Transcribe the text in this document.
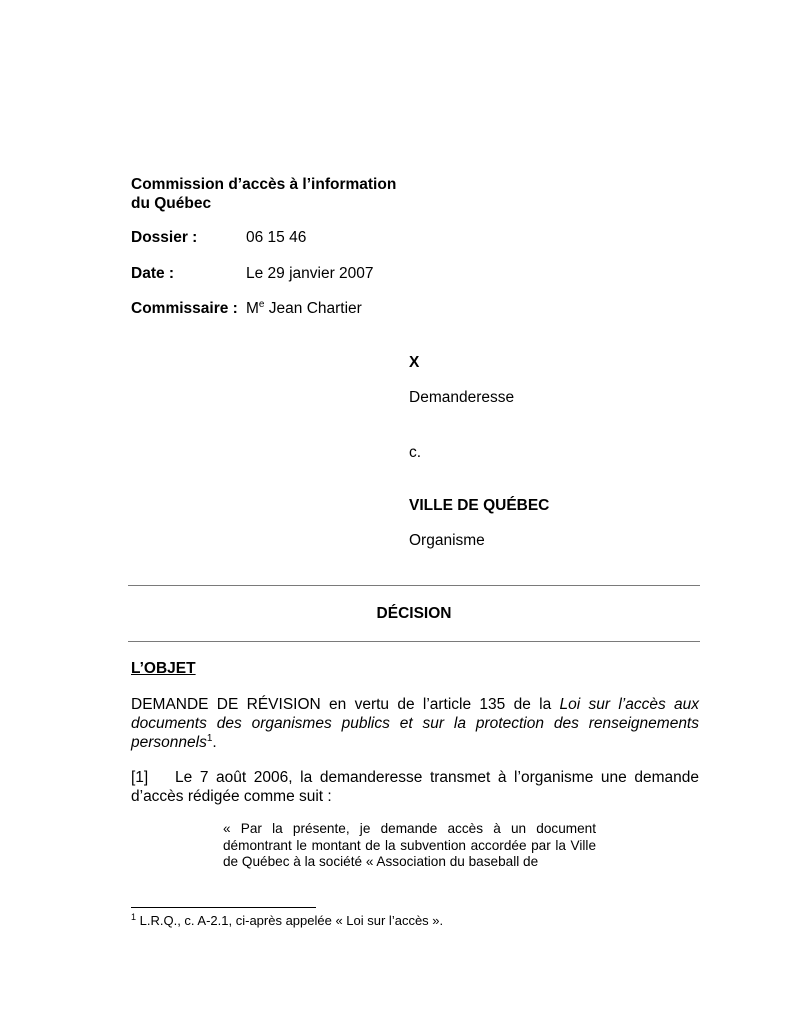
Commission d’accès à l’information
du Québec
Dossier :	06 15 46
Date :	Le 29 janvier 2007
Commissaire : Me Jean Chartier
X
Demanderesse
c.
VILLE DE QUÉBEC
Organisme
DÉCISION
L’OBJET
DEMANDE DE RÉVISION en vertu de l’article 135 de la Loi sur l’accès aux documents des organismes publics et sur la protection des renseignements personnels$^1$.
[1] Le 7 août 2006, la demanderesse transmet à l’organisme une demande d’accès rédigée comme suit :
« Par la présente, je demande accès à un document démontrant le montant de la subvention accordée par la Ville de Québec à la société « Association du baseball de
$^1$ L.R.Q., c. A-2.1, ci-après appelée « Loi sur l’accès ».
